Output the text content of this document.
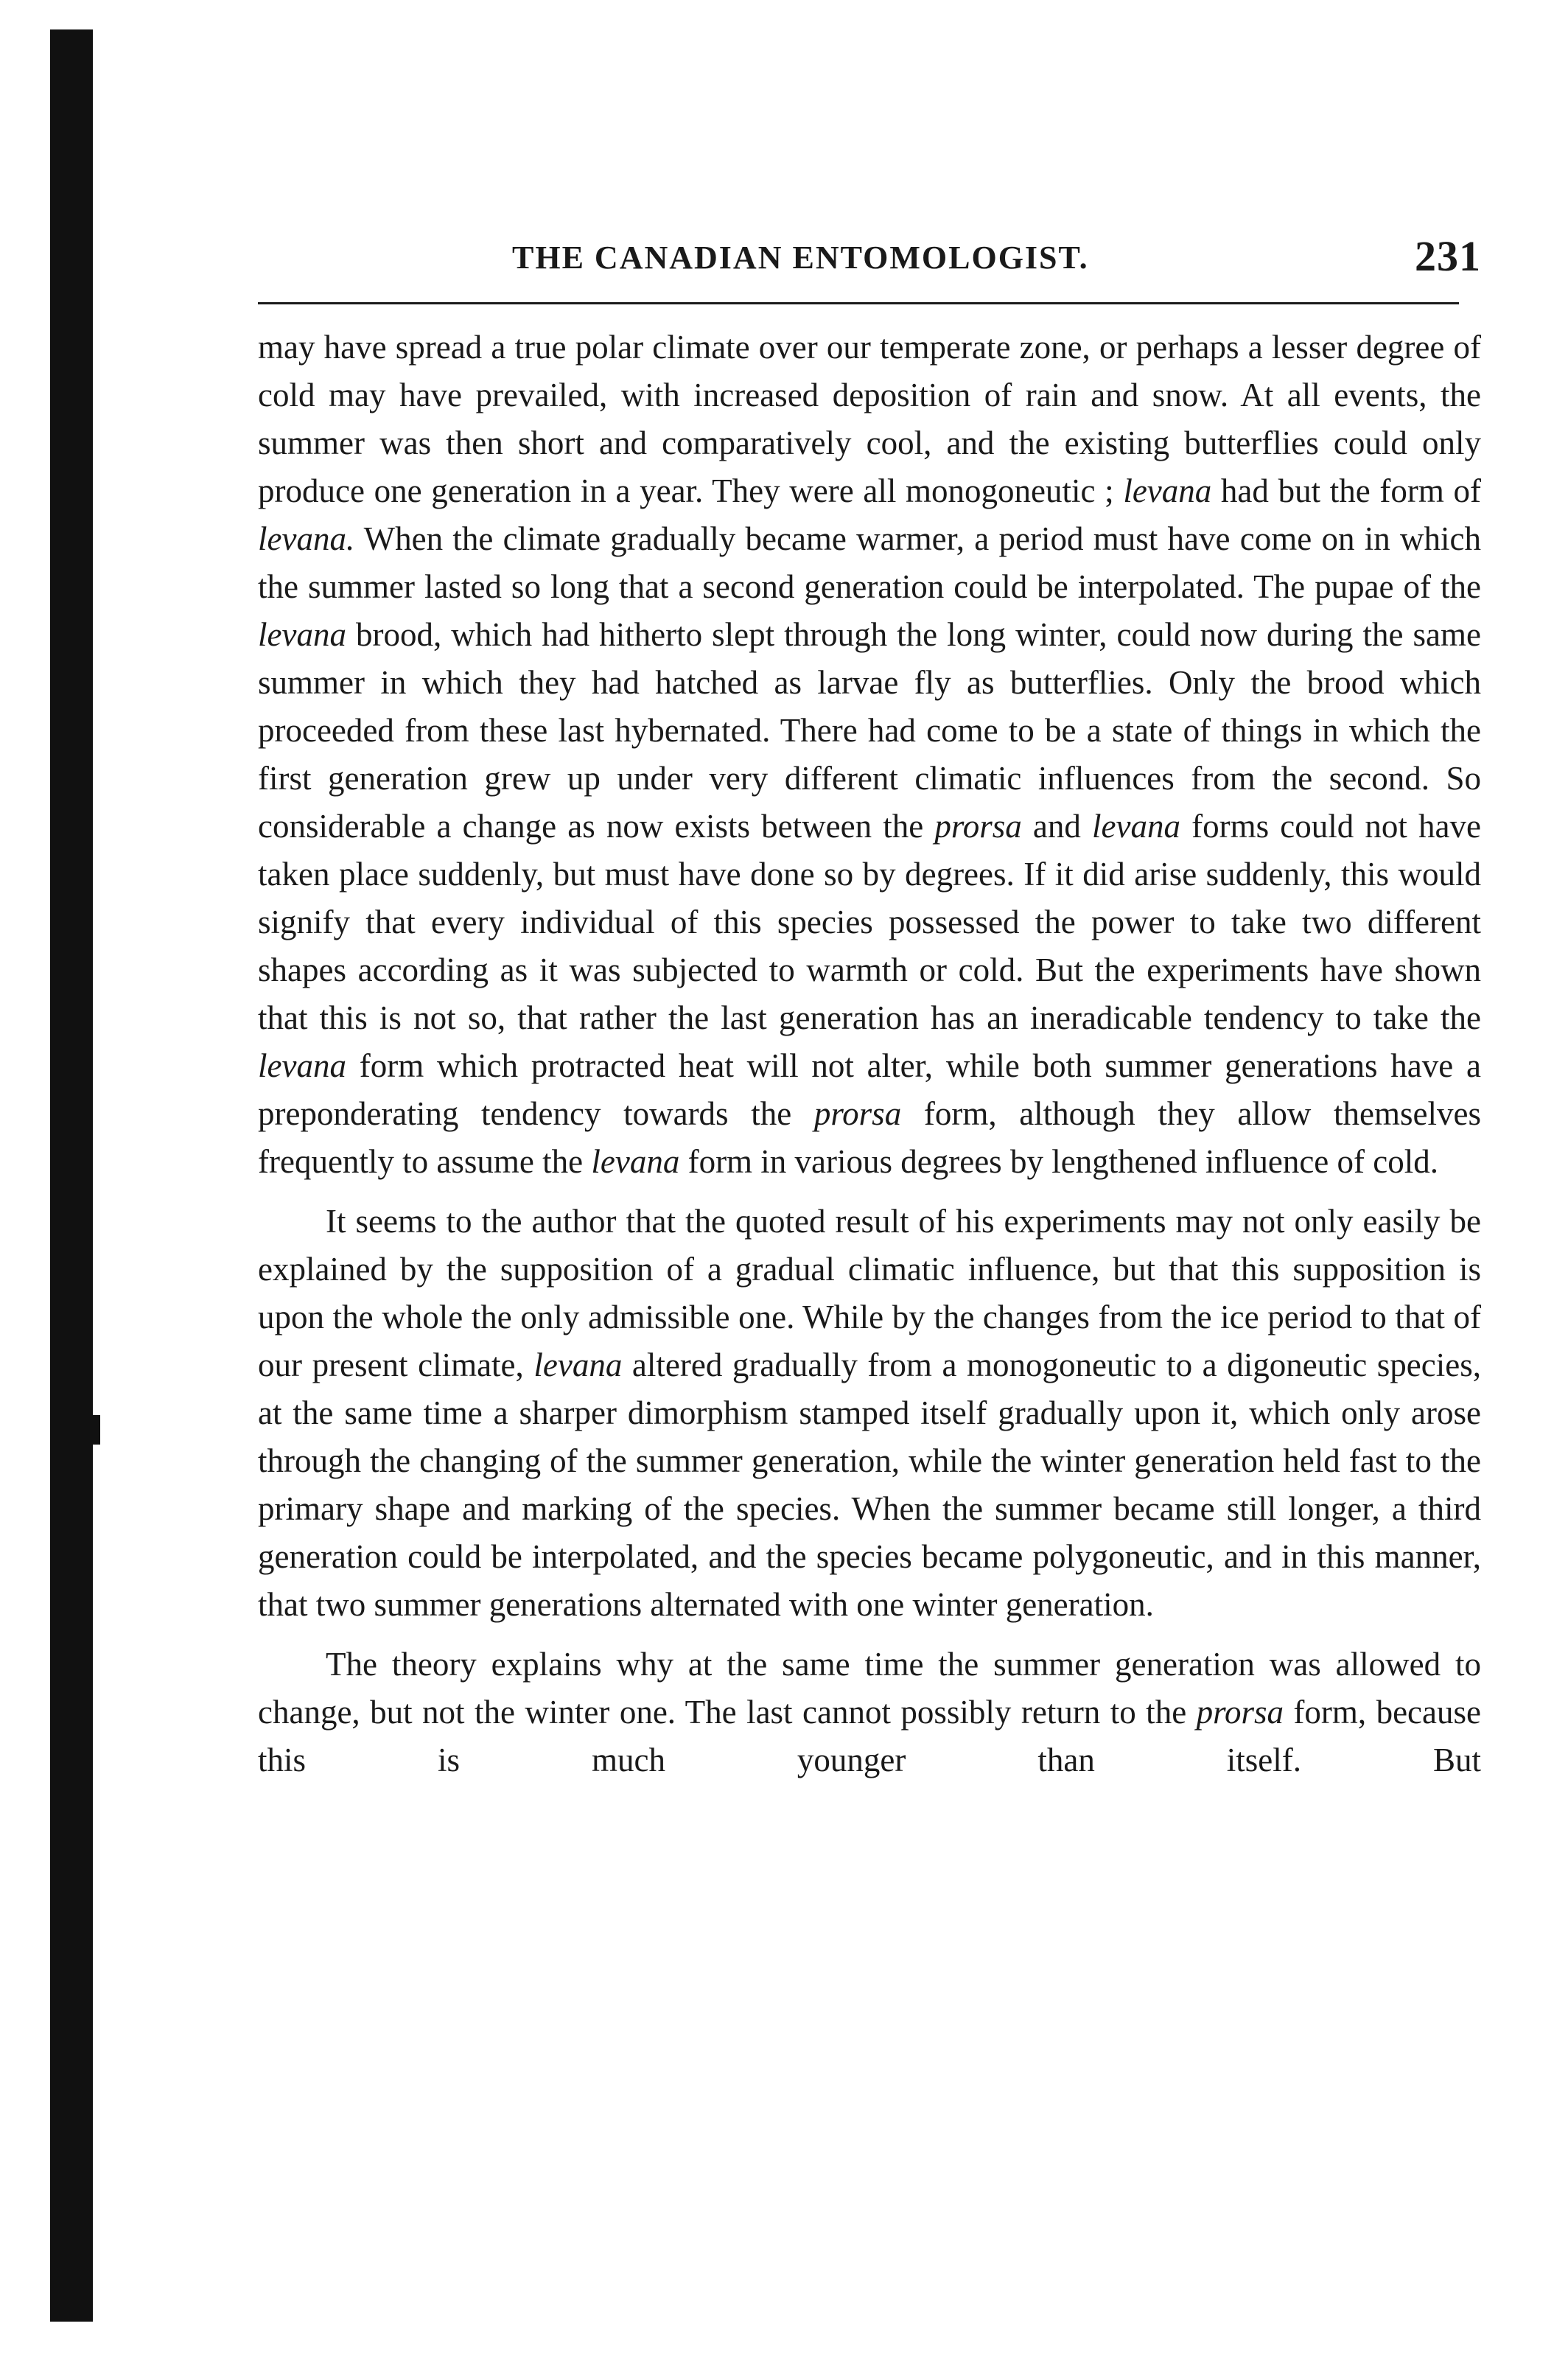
THE CANADIAN ENTOMOLOGIST.	231

may have spread a true polar climate over our temperate zone, or perhaps a lesser degree of cold may have prevailed, with increased deposition of rain and snow. At all events, the summer was then short and comparatively cool, and the existing butterflies could only produce one generation in a year. They were all monogoneutic ; levana had but the form of levana. When the climate gradually became warmer, a period must have come on in which the summer lasted so long that a second generation could be interpolated. The pupae of the levana brood, which had hitherto slept through the long winter, could now during the same summer in which they had hatched as larvae fly as butterflies. Only the brood which proceeded from these last hybernated. There had come to be a state of things in which the first generation grew up under very different climatic influences from the second. So considerable a change as now exists between the prorsa and levana forms could not have taken place suddenly, but must have done so by degrees. If it did arise suddenly, this would signify that every individual of this species possessed the power to take two different shapes according as it was subjected to warmth or cold. But the experiments have shown that this is not so, that rather the last generation has an ineradicable tendency to take the levana form which protracted heat will not alter, while both summer generations have a preponderating tendency towards the prorsa form, although they allow themselves frequently to assume the levana form in various degrees by lengthened influence of cold.

It seems to the author that the quoted result of his experiments may not only easily be explained by the supposition of a gradual climatic influence, but that this supposition is upon the whole the only admissible one. While by the changes from the ice period to that of our present climate, levana altered gradually from a monogoneutic to a digoneutic species, at the same time a sharper dimorphism stamped itself gradually upon it, which only arose through the changing of the summer generation, while the winter generation held fast to the primary shape and marking of the species. When the summer became still longer, a third generation could be interpolated, and the species became polygoneutic, and in this manner, that two summer generations alternated with one winter generation.

The theory explains why at the same time the summer generation was allowed to change, but not the winter one. The last cannot possibly return to the prorsa form, because this is much younger than itself. But
